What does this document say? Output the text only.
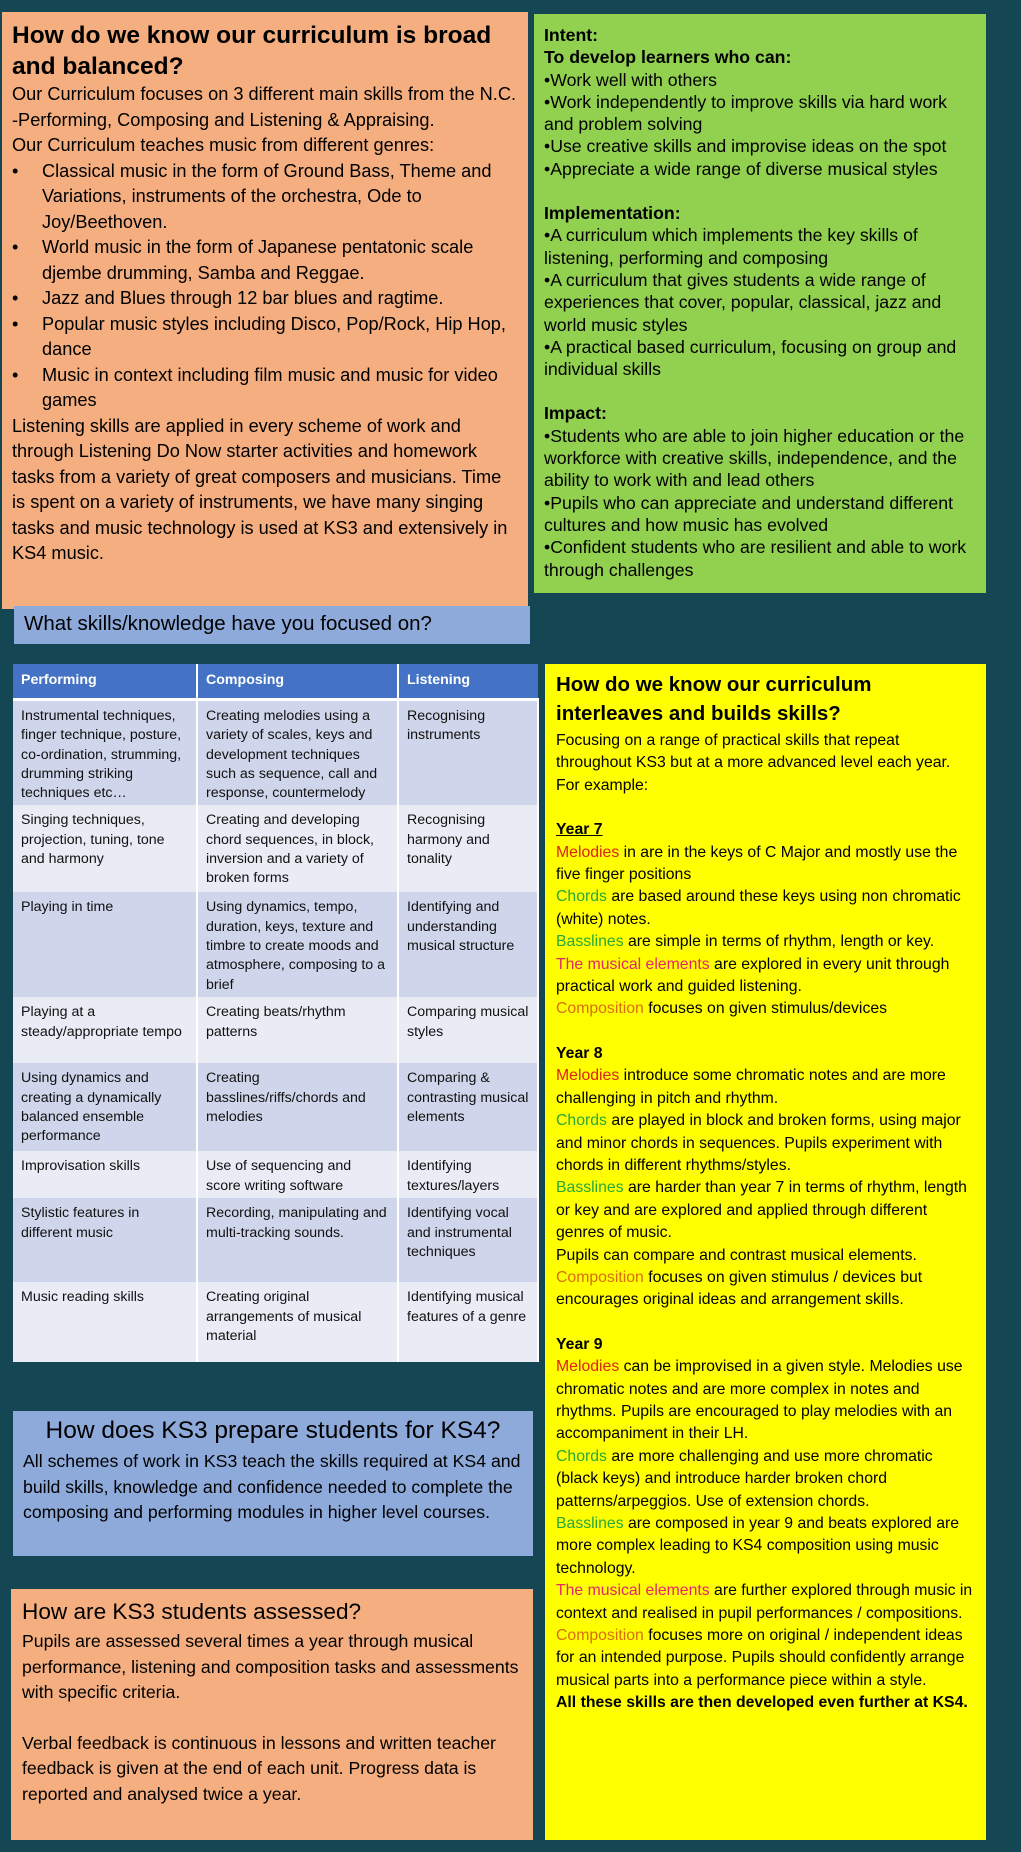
How do we know our curriculum is broad and balanced?

Our Curriculum focuses on 3 different main skills from the N.C. -Performing, Composing and Listening & Appraising.

Our Curriculum teaches music from different genres:

• Classical music in the form of Ground Bass, Theme and Variations, instruments of the orchestra, Ode to Joy/Beethoven.
• World music in the form of Japanese pentatonic scale djembe drumming, Samba and Reggae.
• Jazz and Blues through 12 bar blues and ragtime.
• Popular music styles including Disco, Pop/Rock, Hip Hop, dance
• Music in context including film music and music for video games

Listening skills are applied in every scheme of work and through Listening Do Now starter activities and homework tasks from a variety of great composers and musicians. Time is spent on a variety of instruments, we have many singing tasks and music technology is used at KS3 and extensively in KS4 music.

Intent:
To develop learners who can:
•Work well with others
•Work independently to improve skills via hard work and problem solving
•Use creative skills and improvise ideas on the spot
•Appreciate a wide range of diverse musical styles
Implementation:
•A curriculum which implements the key skills of listening, performing and composing
•A curriculum that gives students a wide range of experiences that cover, popular, classical, jazz and world music styles
•A practical based curriculum, focusing on group and individual skills
Impact:
•Students who are able to join higher education or the workforce with creative skills, independence, and the ability to work with and lead others
•Pupils who can appreciate and understand different cultures and how music has evolved
•Confident students who are resilient and able to work through challenges
What skills/knowledge have you focused on?
Performing	Composing	Listening
Instrumental techniques, finger technique, posture, co-ordination, strumming, drumming striking techniques etc…	Creating melodies using a variety of scales, keys and development techniques such as sequence, call and response, countermelody	Recognising instruments
Singing techniques, projection, tuning, tone and harmony	Creating and developing chord sequences, in block, inversion and a variety of broken forms	Recognising harmony and tonality
Playing in time	Using dynamics, tempo, duration, keys, texture and timbre to create moods and atmosphere, composing to a brief	Identifying and understanding musical structure
Playing at a steady/appropriate tempo	Creating beats/rhythm patterns	Comparing musical styles
Using dynamics and creating a dynamically balanced ensemble performance	Creating basslines/riffs/chords and melodies	Comparing & contrasting musical elements
Improvisation skills	Use of sequencing and score writing software	Identifying textures/layers
Stylistic features in different music	Recording, manipulating and multi-tracking sounds.	Identifying vocal and instrumental techniques
Music reading skills	Creating original arrangements of musical material	Identifying musical features of a genre
How does KS3 prepare students for KS4?

All schemes of work in KS3 teach the skills required at KS4 and build skills, knowledge and confidence needed to complete the composing and performing modules in higher level courses.

How are KS3 students assessed?

Pupils are assessed several times a year through musical performance, listening and composition tasks and assessments with specific criteria.

Verbal feedback is continuous in lessons and written teacher feedback is given at the end of each unit. Progress data is reported and analysed twice a year.

How do we know our curriculum interleaves and builds skills?

Focusing on a range of practical skills that repeat throughout KS3 but at a more advanced level each year.

For example:

Year 7

Melodies in are in the keys of C Major and mostly use the five finger positions

Chords are based around these keys using non chromatic (white) notes.

Basslines are simple in terms of rhythm, length or key.

The musical elements are explored in every unit through practical work and guided listening.

Composition focuses on given stimulus/devices

Year 8

Melodies introduce some chromatic notes and are more challenging in pitch and rhythm.

Chords are played in block and broken forms, using major and minor chords in sequences. Pupils experiment with chords in different rhythms/styles.

Basslines are harder than year 7 in terms of rhythm, length or key and are explored and applied through different genres of music.

Pupils can compare and contrast musical elements.

Composition focuses on given stimulus / devices but encourages original ideas and arrangement skills.

Year 9

Melodies can be improvised in a given style. Melodies use chromatic notes and are more complex in notes and rhythms. Pupils are encouraged to play melodies with an accompaniment in their LH.

Chords are more challenging and use more chromatic (black keys) and introduce harder broken chord patterns/arpeggios. Use of extension chords.

Basslines are composed in year 9 and beats explored are more complex leading to KS4 composition using music technology.

The musical elements are further explored through music in context and realised in pupil performances / compositions.

Composition focuses more on original / independent ideas for an intended purpose. Pupils should confidently arrange musical parts into a performance piece within a style.

All these skills are then developed even further at KS4.
